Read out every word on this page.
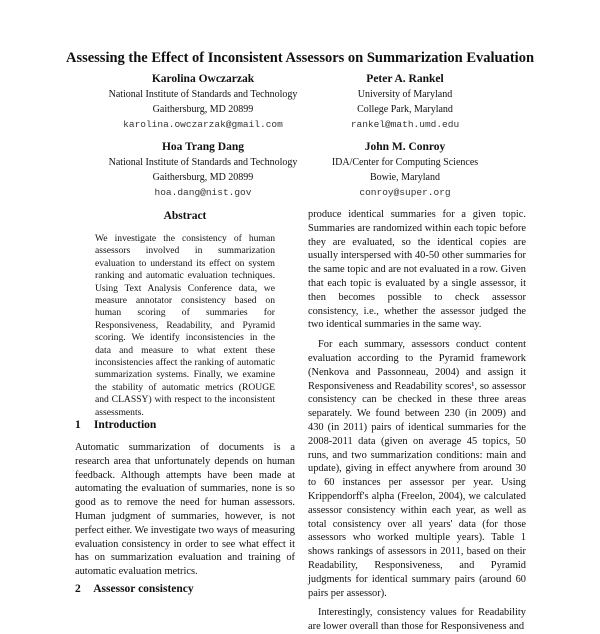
Assessing the Effect of Inconsistent Assessors on Summarization Evaluation
Karolina Owczarzak
National Institute of Standards and Technology
Gaithersburg, MD 20899
karolina.owczarzak@gmail.com
Peter A. Rankel
University of Maryland
College Park, Maryland
rankel@math.umd.edu
Hoa Trang Dang
National Institute of Standards and Technology
Gaithersburg, MD 20899
hoa.dang@nist.gov
John M. Conroy
IDA/Center for Computing Sciences
Bowie, Maryland
conroy@super.org
Abstract
We investigate the consistency of human assessors involved in summarization evaluation to understand its effect on system ranking and automatic evaluation techniques. Using Text Analysis Conference data, we measure annotator consistency based on human scoring of summaries for Responsiveness, Readability, and Pyramid scoring. We identify inconsistencies in the data and measure to what extent these inconsistencies affect the ranking of automatic summarization systems. Finally, we examine the stability of automatic metrics (ROUGE and CLASSY) with respect to the inconsistent assessments.
1 Introduction
Automatic summarization of documents is a research area that unfortunately depends on human feedback. Although attempts have been made at automating the evaluation of summaries, none is so good as to remove the need for human assessors. Human judgment of summaries, however, is not perfect either. We investigate two ways of measuring evaluation consistency in order to see what effect it has on summarization evaluation and training of automatic evaluation metrics.
2 Assessor consistency

produce identical summaries for a given topic. Summaries are randomized within each topic before they are evaluated, so the identical copies are usually interspersed with 40-50 other summaries for the same topic and are not evaluated in a row. Given that each topic is evaluated by a single assessor, it then becomes possible to check assessor consistency, i.e., whether the assessor judged the two identical summaries in the same way.

For each summary, assessors conduct content evaluation according to the Pyramid framework (Nenkova and Passonneau, 2004) and assign it Responsiveness and Readability scores¹, so assessor consistency can be checked in these three areas separately. We found between 230 (in 2009) and 430 (in 2011) pairs of identical summaries for the 2008-2011 data (given on average 45 topics, 50 runs, and two summarization conditions: main and update), giving in effect anywhere from around 30 to 60 instances per assessor per year. Using Krippendorff's alpha (Freelon, 2004), we calculated assessor consistency within each year, as well as total consistency over all years' data (for those assessors who worked multiple years). Table 1 shows rankings of assessors in 2011, based on their Readability, Responsiveness, and Pyramid judgments for identical summary pairs (around 60 pairs per assessor).

Interestingly, consistency values for Readability are lower overall than those for Responsiveness and
